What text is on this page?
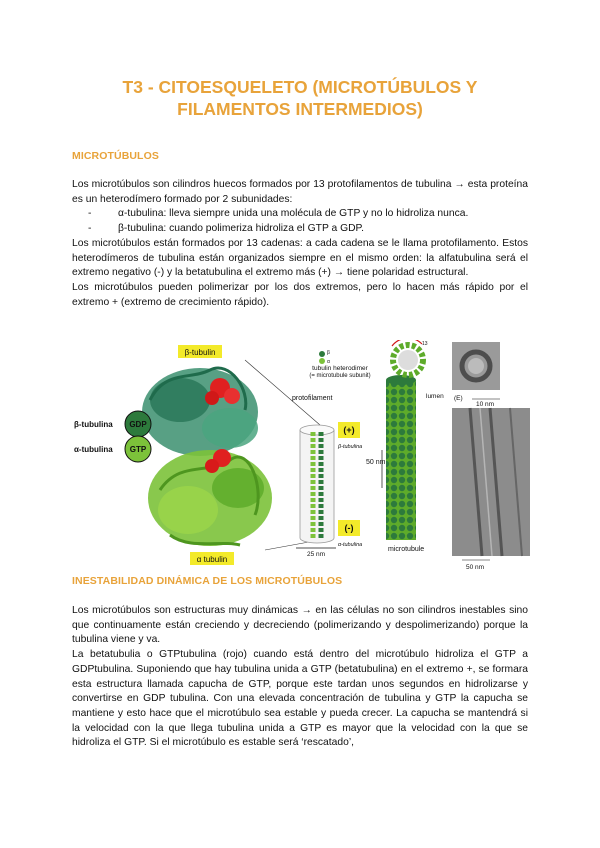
T3 - CITOESQUELETO (MICROTÚBULOS Y
FILAMENTOS INTERMEDIOS)
MICROTÚBULOS

Los microtúbulos son cilindros huecos formados por 13 protofilamentos de tubulina → esta proteína es un heterodímero formado por 2 subunidades:

-	α-tubulina: lleva siempre unida una molécula de GTP y no lo hidroliza nunca.
-	β-tubulina: cuando polimeriza hidroliza el GTP a GDP.

Los microtúbulos están formados por 13 cadenas: a cada cadena se le llama protofilamento. Estos heterodímeros de tubulina están organizados siempre en el mismo orden: la alfatubulina será el extremo negativo (-) y la betatubulina el extremo más (+) → tiene polaridad estructural.

Los microtúbulos pueden polimerizar por los dos extremos, pero lo hacen más rápido por el extremo + (extremo de crecimiento rápido).

β-tubulin
α tubulin
β-tubulina GDP
α-tubulina GTP
β
α
tubulin heterodimer
(= microtubule subunit)
protofilament
(+)
β-tubulina
(-)
α-tubulina
25 nm
50 nm
microtubule
13
lumen (E)
10 nm
50 nm
INESTABILIDAD DINÁMICA DE LOS MICROTÚBULOS

Los microtúbulos son estructuras muy dinámicas → en las células no son cilindros inestables sino que continuamente están creciendo y decreciendo (polimerizando y despolimerizando) porque la tubulina viene y va.

La betatubulia o GTPtubulina (rojo) cuando está dentro del microtúbulo hidroliza el GTP a GDPtubulina. Suponiendo que hay tubulina unida a GTP (betatubulina) en el extremo +, se formara esta estructura llamada capucha de GTP, porque este tardan unos segundos en hidrolizarse y convertirse en GDP tubulina. Con una elevada concentración de tubulina y GTP la capucha se mantiene y esto hace que el microtúbulo sea estable y pueda crecer. La capucha se mantendrá si la velocidad con la que llega tubulina unida a GTP es mayor que la velocidad con la que se hidroliza el GTP. Si el microtúbulo es estable será ‘rescatado’,
